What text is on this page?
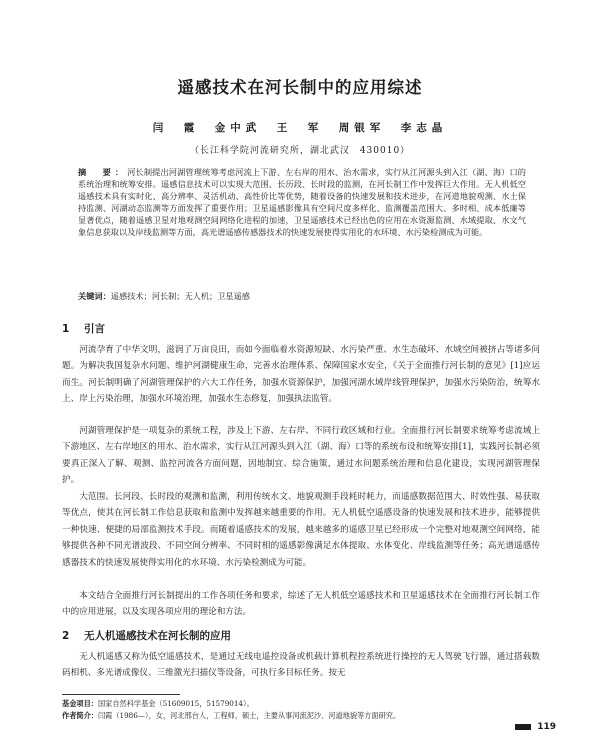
遥感技术在河长制中的应用综述
闫　霞　金中武　王　军　周银军　李志晶
（长江科学院河流研究所，湖北武汉　430010）

摘　要：河长制提出河湖管理统筹考虑河流上下游、左右岸的用水、治水需求，实行从江河源头到入江（湖、海）口的系统治理和统筹安排。遥感信息技术可以实现大范围、长历段、长时段的监测，在河长制工作中发挥巨大作用。无人机低空遥感技术具有实时化、高分辨率、灵活机动、高性价比等优势，随着设备的快速发展和技术进步，在河道地貌观测、水土保持监测、河湖动态监测等方面发挥了重要作用；卫星遥感影像具有空间尺度多样化、监测覆盖范围大、多时相、成本低廉等显著优点，随着遥感卫星对地观测空间网络化进程的加速，卫星遥感技术已经出色的应用在水资源监测、水域提取、水文气象信息获取以及岸线监测等方面，高光谱遥感传感器技术的快速发展使得实用化的水环境、水污染检测成为可能。

关键词：遥感技术；河长制；无人机；卫星遥感

1 引言

河流孕育了中华文明，滋润了万亩良田，而如今面临着水资源短缺、水污染严重、水生态破坏、水域空间被挤占等诸多问题。为解决我国复杂水问题、维护河湖健康生命，完善水治理体系、保障国家水安全，《关于全面推行河长制的意见》[1]应运而生。河长制明确了河湖管理保护的六大工作任务，加强水资源保护，加强河湖水域岸线管理保护，加强水污染防治，统筹水上、岸上污染治理，加强水环境治理，加强水生态修复，加强执法监管。

河湖管理保护是一项复杂的系统工程，涉及上下游、左右岸、不同行政区域和行业。全面推行河长制要求统筹考虑流域上下游地区、左右岸地区的用水、治水需求，实行从江河源头到入江（湖、海）口等的系统布设和统筹安排[1]，实践河长制必须要真正深入了解、观测、监控河流各方面问题，因地制宜、综合施策，通过水问题系统治理和信息化建设，实现河湖管理保护。

大范围、长河段、长时段的观测和监测，利用传统水文、地貌观测手段耗时耗力，而遥感数据范围大、时效性强、易获取等优点，使其在河长制工作信息获取和监测中发挥越来越重要的作用。无人机低空遥感设备的快速发展和技术进步，能够提供一种快速、便捷的局部监测技术手段。而随着遥感技术的发展，越来越多的遥感卫星已经形成一个完整对地观测空间网络，能够提供各种不同光谱波段、不同空间分辨率、不同时相的遥感影像满足水体提取、水体变化、岸线监测等任务；高光谱遥感传感器技术的快速发展使得实用化的水环境、水污染检测成为可能。

本文结合全面推行河长制提出的工作各项任务和要求，综述了无人机低空遥感技术和卫星遥感技术在全面推行河长制工作中的应用进展，以及实现各项应用的理论和方法。

2 无人机遥感技术在河长制的应用

无人机遥感又称为低空遥感技术，是通过无线电遥控设备或机载计算机程控系统进行操控的无人驾驶飞行器，通过搭载数码相机、多光谱成像仪、三维激光扫描仪等设备，可执行多目标任务。按无

基金项目：国家自然科学基金（51609015，51579014）。

作者简介：闫霞（1986—），女，河北邢台人，工程师，硕士，主要从事河流泥沙、河道地貌等方面研究。

119
